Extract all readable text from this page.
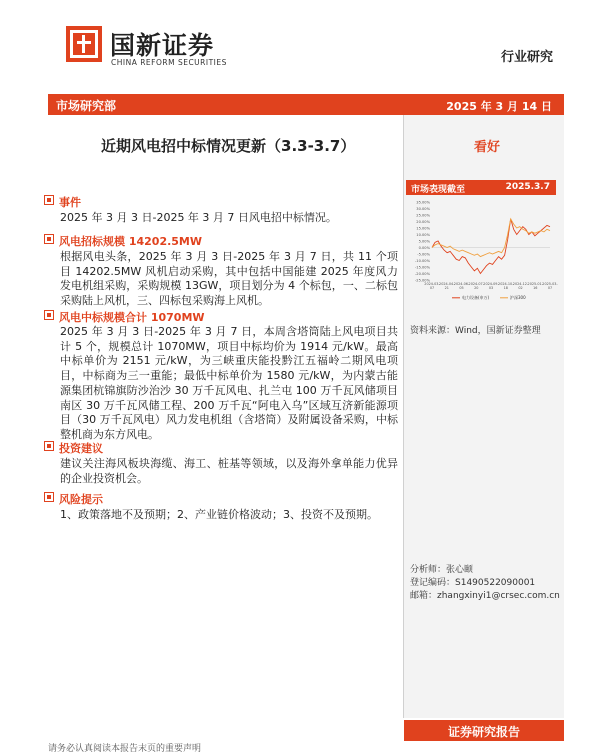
国新证券
CHINA REFORM SECURITIES	行业研究
市场研究部	2025 年 3 月 14 日
近期风电招中标情况更新（3.3-3.7）	看好
市场表现截至	2025.3.7
35.00%
30.00%
25.00%
20.00%
15.00%
10.00%
5.00%
0.00%
-5.00%
-10.00%
-15.00%
-20.00%
-25.00%
2024-03-
07
2024-04-
21
2024-06-
05
2024-07-
20
2024-09-
03
2024-10-
18
2024-12-
02
2025-01-
16
2025-03-
07
电力设备(申万)	沪深300
资料来源：Wind，国新证券整理
分析师：张心颐
登记编码：S1490522090001
邮箱：zhangxinyi1@crsec.com.cn
事件
2025 年 3 月 3 日-2025 年 3 月 7 日风电招中标情况。
风电招标规模 14202.5MW
根据风电头条，2025 年 3 月 3 日-2025 年 3 月 7 日，共 11 个项目 14202.5MW 风机启动采购，其中包括中国能建 2025 年度风力发电机组采购，采购规模 13GW，项目划分为 4 个标包，一、二标包采购陆上风机，三、四标包采购海上风机。
风电中标规模合计 1070MW
2025 年 3 月 3 日-2025 年 3 月 7 日，本周含塔筒陆上风电项目共计 5 个，规模总计 1070MW，项目中标均价为 1914 元/kW。最高中标单价为 2151 元/kW，为三峡重庆能投黔江五福岭二期风电项目，中标商为三一重能；最低中标单价为 1580 元/kW，为内蒙古能源集团杭锦旗防沙治沙 30 万千瓦风电、扎兰屯 100 万千瓦风储项目南区 30 万千瓦风储工程、200 万千瓦“阿电入乌”区域互济新能源项目（30 万千瓦风电）风力发电机组（含塔筒）及附属设备采购，中标整机商为东方风电。
投资建议
建议关注海风板块海缆、海工、桩基等领域，以及海外拿单能力优异的企业投资机会。
风险提示
1、政策落地不及预期；2、产业链价格波动；3、投资不及预期。
证券研究报告
请务必认真阅读本报告末页的重要声明
